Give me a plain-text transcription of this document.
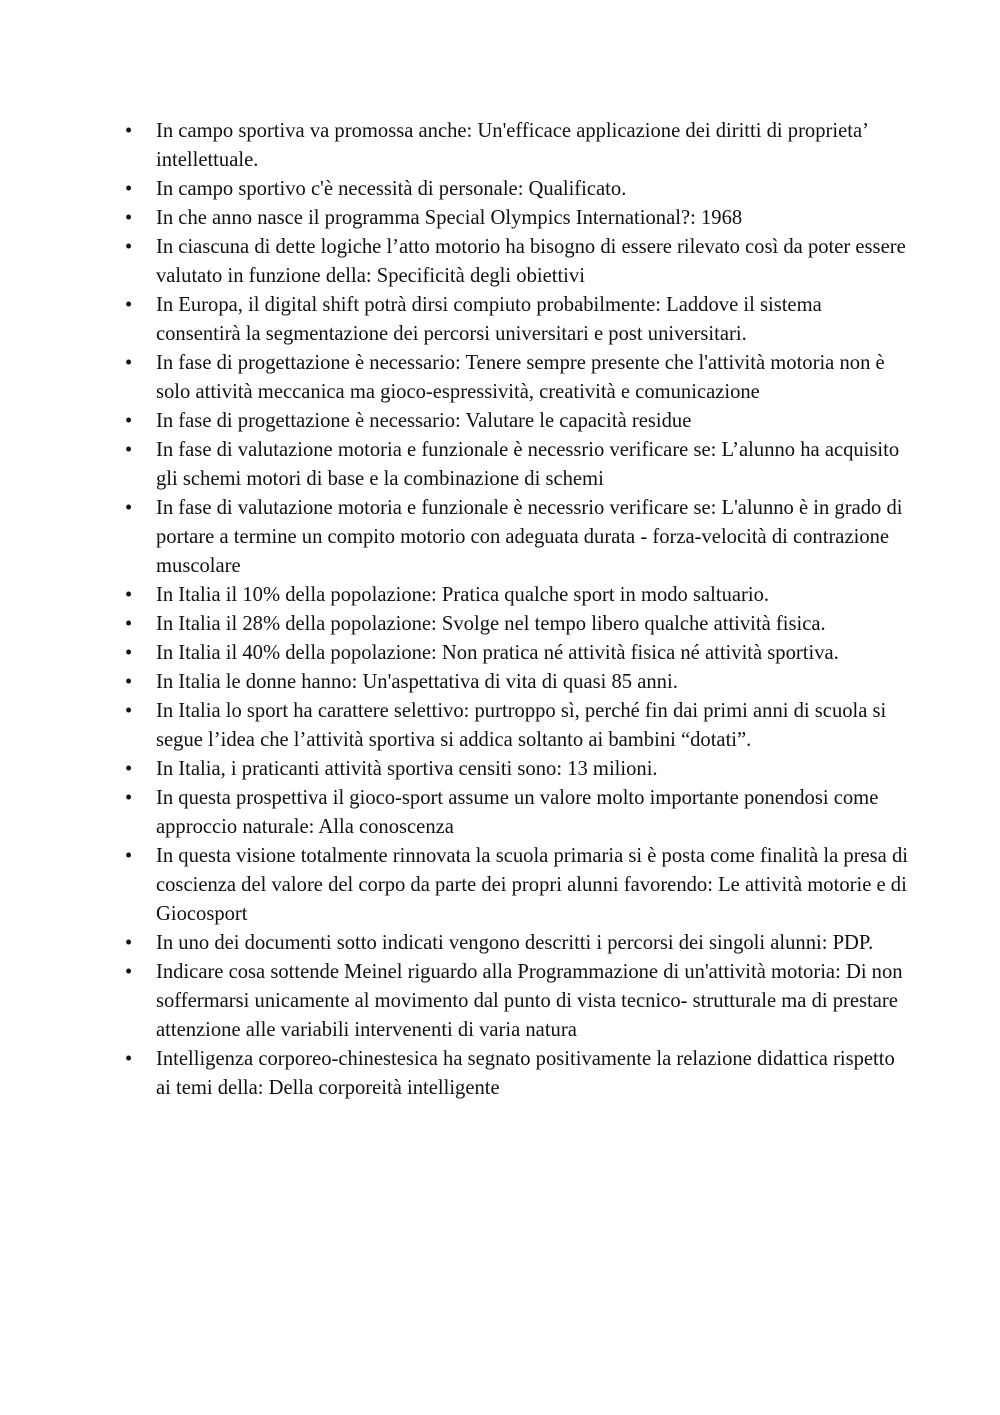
•	In campo sportiva va promossa anche: Un'efficace applicazione dei diritti di proprieta’ intellettuale.
•	In campo sportivo c'è necessità di personale: Qualificato.
•	In che anno nasce il programma Special Olympics International?: 1968
•	In ciascuna di dette logiche l’atto motorio ha bisogno di essere rilevato così da poter essere valutato in funzione della: Specificità degli obiettivi
•	In Europa, il digital shift potrà dirsi compiuto probabilmente: Laddove il sistema consentirà la segmentazione dei percorsi universitari e post universitari.
•	In fase di progettazione è necessario: Tenere sempre presente che l'attività motoria non è solo attività meccanica ma gioco-espressività, creatività e comunicazione
•	In fase di progettazione è necessario: Valutare le capacità residue
•	In fase di valutazione motoria e funzionale è necessrio verificare se: L’alunno ha acquisito gli schemi motori di base e la combinazione di schemi
•	In fase di valutazione motoria e funzionale è necessrio verificare se: L'alunno è in grado di portare a termine un compito motorio con adeguata durata - forza-velocità di contrazione muscolare
•	In Italia il 10% della popolazione: Pratica qualche sport in modo saltuario.
•	In Italia il 28% della popolazione: Svolge nel tempo libero qualche attività fisica.
•	In Italia il 40% della popolazione: Non pratica né attività fisica né attività sportiva.
•	In Italia le donne hanno: Un'aspettativa di vita di quasi 85 anni.
•	In Italia lo sport ha carattere selettivo: purtroppo sì, perché fin dai primi anni di scuola si segue l’idea che l’attività sportiva si addica soltanto ai bambini “dotati”.
•	In Italia, i praticanti attività sportiva censiti sono: 13 milioni.
•	In questa prospettiva il gioco-sport assume un valore molto importante ponendosi come approccio naturale: Alla conoscenza
•	In questa visione totalmente rinnovata la scuola primaria si è posta come finalità la presa di coscienza del valore del corpo da parte dei propri alunni favorendo: Le attività motorie e di Giocosport
•	In uno dei documenti sotto indicati vengono descritti i percorsi dei singoli alunni: PDP.
•	Indicare cosa sottende Meinel riguardo alla Programmazione di un'attività motoria: Di non soffermarsi unicamente al movimento dal punto di vista tecnico- strutturale ma di prestare attenzione alle variabili intervenenti di varia natura
•	Intelligenza corporeo-chinestesica ha segnato positivamente la relazione didattica rispetto ai temi della: Della corporeità intelligente
